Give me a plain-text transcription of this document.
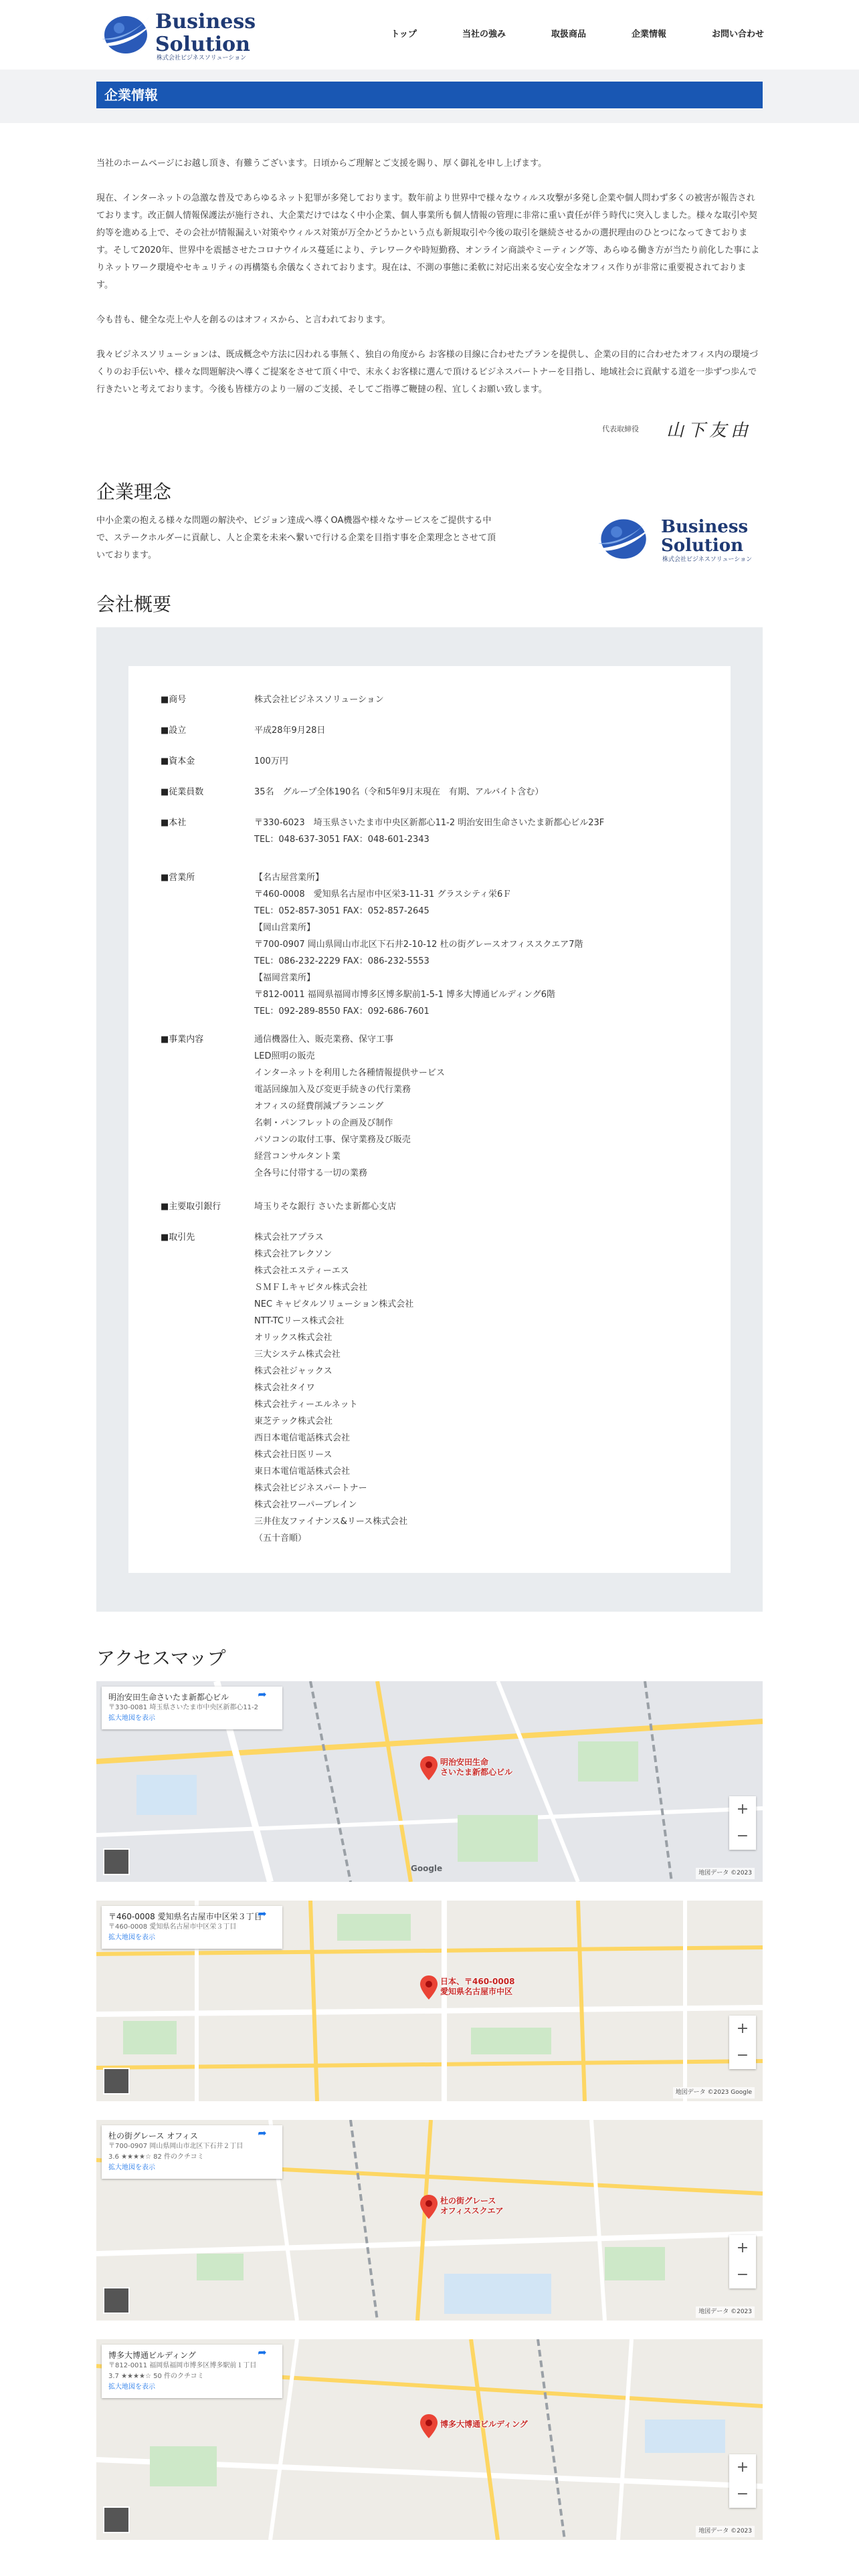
Business
Solution
株式会社ビジネスソリューション
トップ	当社の強み	取扱商品	企業情報	お問い合わせ
企業情報

当社のホームページにお越し頂き、有難うございます。日頃からご理解とご支援を賜り、厚く御礼を申し上げます。

現在、インターネットの急激な普及であらゆるネット犯罪が多発しております。数年前より世界中で様々なウィルス攻撃が多発し企業や個人問わず多くの被害が報告されております。改正個人情報保護法が施行され、大企業だけではなく中小企業、個人事業所も個人情報の管理に非常に重い責任が伴う時代に突入しました。様々な取引や契約等を進める上で、その会社が情報漏えい対策やウィルス対策が万全かどうかという点も新規取引や今後の取引を継続させるかの選択理由のひとつになってきております。そして2020年、世界中を震撼させたコロナウイルス蔓延により、テレワークや時短勤務、オンライン商談やミーティング等、あらゆる働き方が当たり前化した事によりネットワーク環境やセキュリティの再構築も余儀なくされております。現在は、不測の事態に柔軟に対応出来る安心安全なオフィス作りが非常に重要視されております。

今も昔も、健全な売上や人を創るのはオフィスから、と言われております。

我々ビジネスソリューションは、既成概念や方法に囚われる事無く、独自の角度から お客様の目線に合わせたプランを提供し、企業の目的に合わせたオフィス内の環境づくりのお手伝いや、様々な問題解決へ導くご提案をさせて頂く中で、末永くお客様に選んで頂けるビジネスパートナーを目指し、地域社会に貢献する道を一歩ずつ歩んで行きたいと考えております。今後も皆様方のより一層のご支援、そしてご指導ご鞭撻の程、宜しくお願い致します。

代表取締役 山下友由
企業理念
中小企業の抱える様々な問題の解決や、ビジョン達成へ導くOA機器や様々なサービスをご提供する中で、ステークホルダーに貢献し、人と企業を未来へ繋いで行ける企業を目指す事を企業理念とさせて頂いております。
Business
Solution
株式会社ビジネスソリューション
会社概要
■商号	株式会社ビジネスソリューション
■設立	平成28年9月28日
■資本金	100万円
■従業員数	35名　グループ全体190名（令和5年9月末現在　有期、アルバイト含む）
■本社	〒330-6023　埼玉県さいたま市中央区新都心11-2 明治安田生命さいたま新都心ビル23F
TEL：048-637-3051 FAX：048-601-2343
■営業所	【名古屋営業所】
〒460-0008　愛知県名古屋市中区栄3-11-31 グラスシティ栄6Ｆ
TEL：052-857-3051 FAX：052-857-2645
【岡山営業所】
〒700-0907 岡山県岡山市北区下石井2-10-12 杜の街グレースオフィススクエア7階
TEL：086-232-2229 FAX：086-232-5553
【福岡営業所】
〒812-0011 福岡県福岡市博多区博多駅前1-5-1 博多大博通ビルディング6階
TEL：092-289-8550 FAX：092-686-7601
■事業内容	通信機器仕入、販売業務、保守工事
LED照明の販売
インターネットを利用した各種情報提供サービス
電話回線加入及び変更手続きの代行業務
オフィスの経費削減プランニング
名刺・パンフレットの企画及び制作
パソコンの取付工事、保守業務及び販売
経営コンサルタント業
全各号に付帯する一切の業務
■主要取引銀行	埼玉りそな銀行 さいたま新都心支店
■取引先	株式会社アプラス
株式会社アレクソン
株式会社エスティーエス
ＳＭＦＬキャピタル株式会社
NEC キャピタルソリューション株式会社
NTT-TCリース株式会社
オリックス株式会社
三大システム株式会社
株式会社ジャックス
株式会社タイワ
株式会社ティーエルネット
東芝テック株式会社
西日本電信電話株式会社
株式会社日医リース
東日本電信電話株式会社
株式会社ビジネスパートナー
株式会社ワーパーブレイン
三井住友ファイナンス&リース株式会社
（五十音順）
アクセスマップ
明治安田生命さいたま新都心ビル
〒330-0081 埼玉県さいたま市中央区新都心11-2
拡大地図を表示
➦
明治安田生命
さいたま新都心ビル
+
−
Google	地図データ ©2023
〒460-0008 愛知県名古屋市中区栄３丁目
〒460-0008 愛知県名古屋市中区栄３丁目
拡大地図を表示
➦
日本、〒460-0008
愛知県名古屋市中区
+
−
地図データ ©2023 Google
杜の街グレース オフィス
〒700-0907 岡山県岡山市北区下石井２丁目
3.6 ★★★★☆ 82 件のクチコミ
拡大地図を表示
➦
杜の街グレース
オフィススクエア
+
−
地図データ ©2023
博多大博通ビルディング
〒812-0011 福岡県福岡市博多区博多駅前１丁目
3.7 ★★★★☆ 50 件のクチコミ
拡大地図を表示
➦
博多大博通ビルディング
+
−
地図データ ©2023
